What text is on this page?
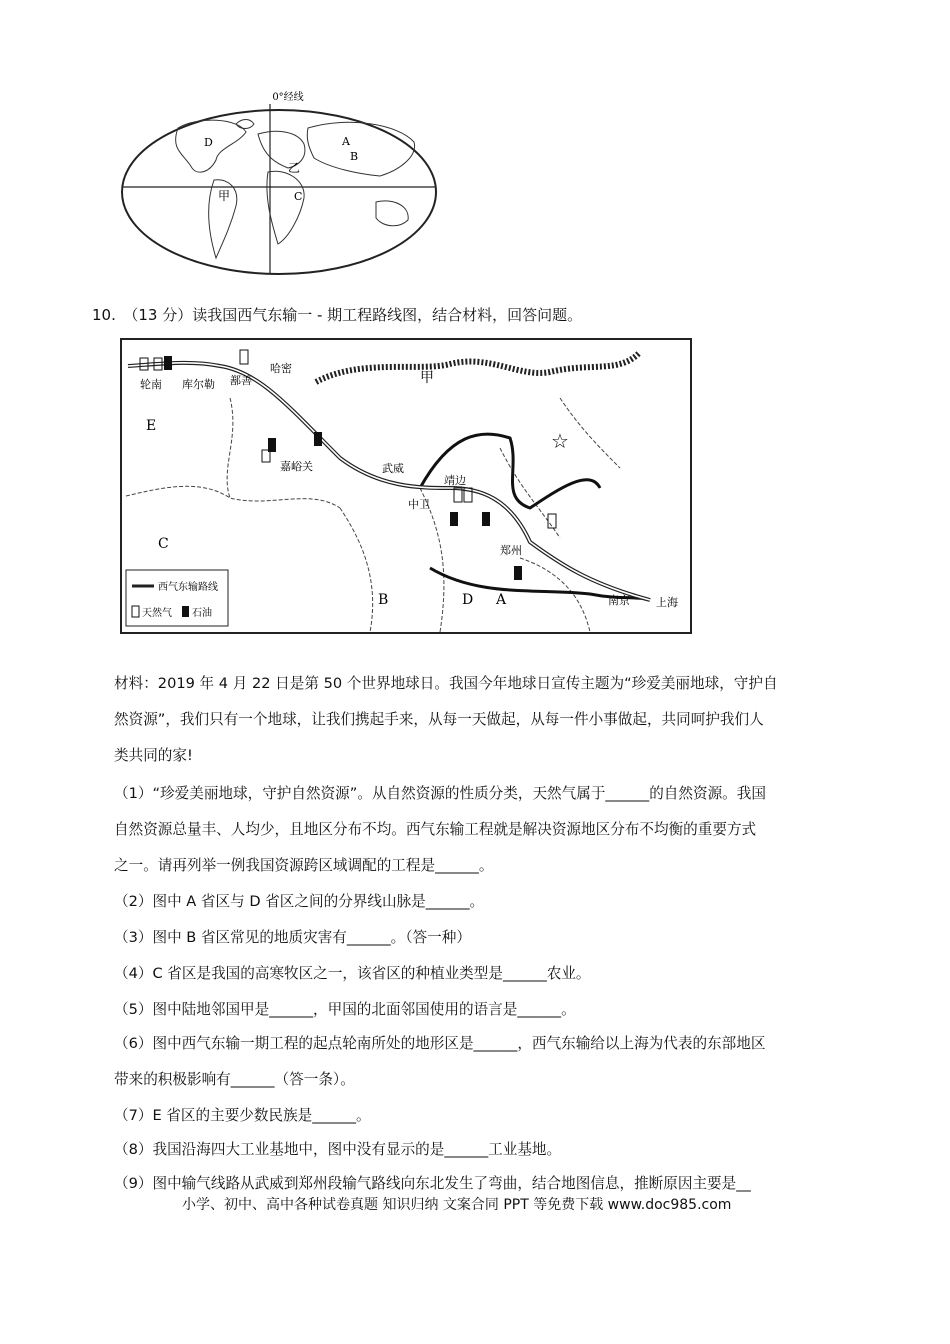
0°经线
A
B
C
D
乙
甲
10.　（13 分）读我国西气东输一 - 期工程路线图，结合材料，回答问题。
☆
甲
E
C
B	D A
轮南 库尔勒 鄯善
哈密
嘉峪关	武威
靖边
中卫
郑州
南京 上海
西气东输路线
天然气 石油
材料：2019 年 4 月 22 日是第 50 个世界地球日。我国今年地球日宣传主题为“珍爱美丽地球，守护自
然资源”，我们只有一个地球，让我们携起手来，从每一天做起，从每一件小事做起，共同呵护我们人
类共同的家!
（1）“珍爱美丽地球，守护自然资源”。从自然资源的性质分类，天然气属于______的自然资源。我国
自然资源总量丰、人均少，且地区分布不均。西气东输工程就是解决资源地区分布不均衡的重要方式
之一。请再列举一例我国资源跨区域调配的工程是______。
（2）图中 A 省区与 D 省区之间的分界线山脉是______。
（3）图中 B 省区常见的地质灾害有______。（答一种）
（4）C 省区是我国的高寒牧区之一，该省区的种植业类型是______农业。
（5）图中陆地邻国甲是______，甲国的北面邻国使用的语言是______。
（6）图中西气东输一期工程的起点轮南所处的地形区是______，西气东输给以上海为代表的东部地区
带来的积极影响有______（答一条）。
（7）E 省区的主要少数民族是______。
（8）我国沿海四大工业基地中，图中没有显示的是______工业基地。
（9）图中输气线路从武威到郑州段输气路线向东北发生了弯曲，结合地图信息，推断原因主要是__
小学、初中、高中各种试卷真题 知识归纳 文案合同 PPT 等免费下载 www.doc985.com
